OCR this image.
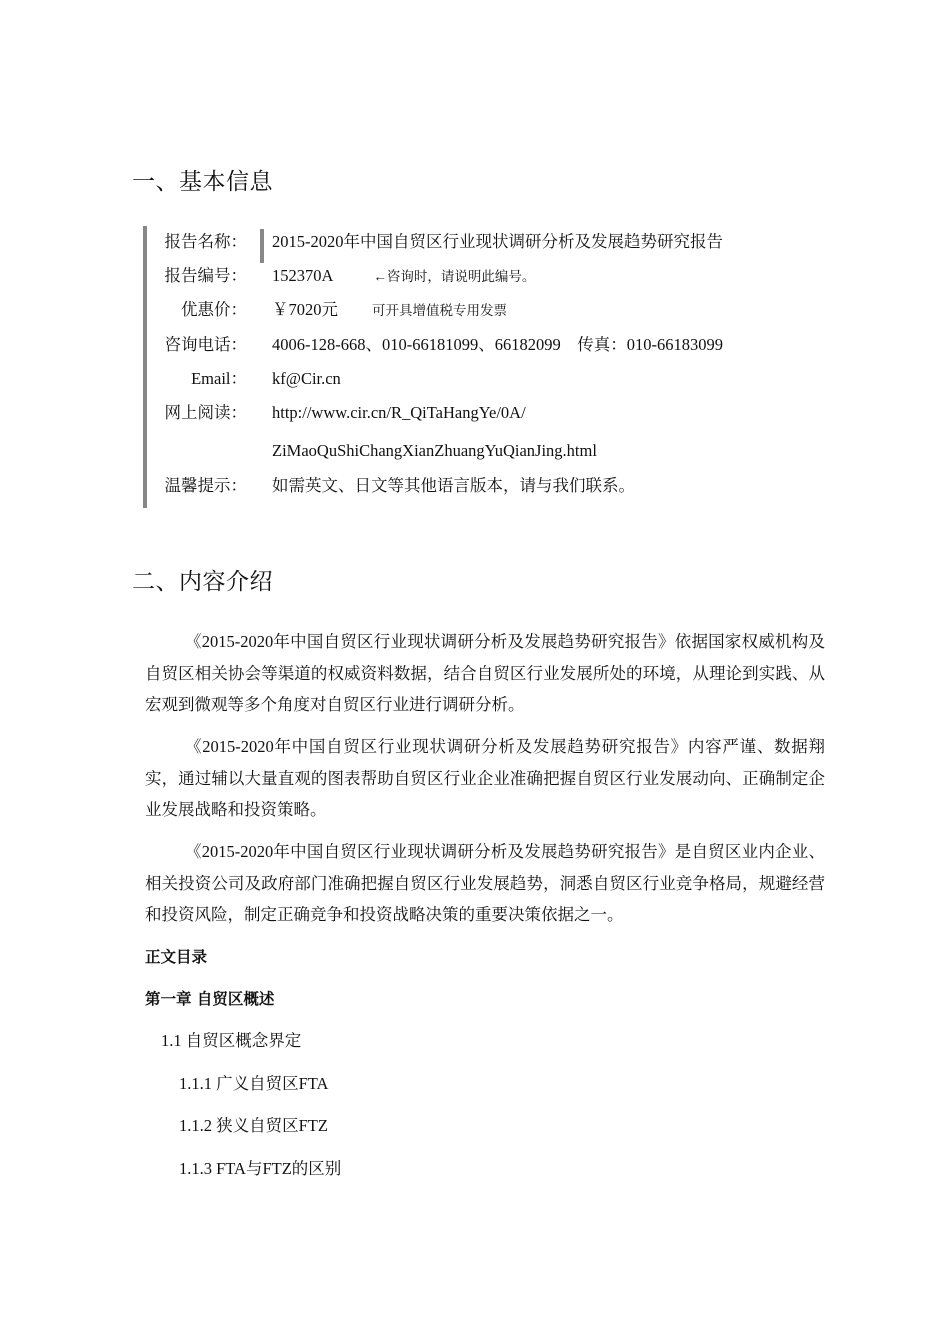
一、基本信息
报告名称： 2015-2020年中国自贸区行业现状调研分析及发展趋势研究报告
报告编号： 152370A	←咨询时，请说明此编号。
优惠价： ￥7020元	可开具增值税专用发票
咨询电话： 4006-128-668、010-66181099、66182099　传真：010-66183099
Email： kf@Cir.cn
网上阅读： http://www.cir.cn/R_QiTaHangYe/0A/
ZiMaoQuShiChangXianZhuangYuQianJing.html
温馨提示： 如需英文、日文等其他语言版本，请与我们联系。
二、内容介绍

《2015-2020年中国自贸区行业现状调研分析及发展趋势研究报告》依据国家权威机构及自贸区相关协会等渠道的权威资料数据，结合自贸区行业发展所处的环境，从理论到实践、从宏观到微观等多个角度对自贸区行业进行调研分析。

《2015-2020年中国自贸区行业现状调研分析及发展趋势研究报告》内容严谨、数据翔实，通过辅以大量直观的图表帮助自贸区行业企业准确把握自贸区行业发展动向、正确制定企业发展战略和投资策略。

《2015-2020年中国自贸区行业现状调研分析及发展趋势研究报告》是自贸区业内企业、相关投资公司及政府部门准确把握自贸区行业发展趋势，洞悉自贸区行业竞争格局，规避经营和投资风险，制定正确竞争和投资战略决策的重要决策依据之一。

正文目录
第一章 自贸区概述
1.1 自贸区概念界定
1.1.1 广义自贸区FTA
1.1.2 狭义自贸区FTZ
1.1.3 FTA与FTZ的区别
